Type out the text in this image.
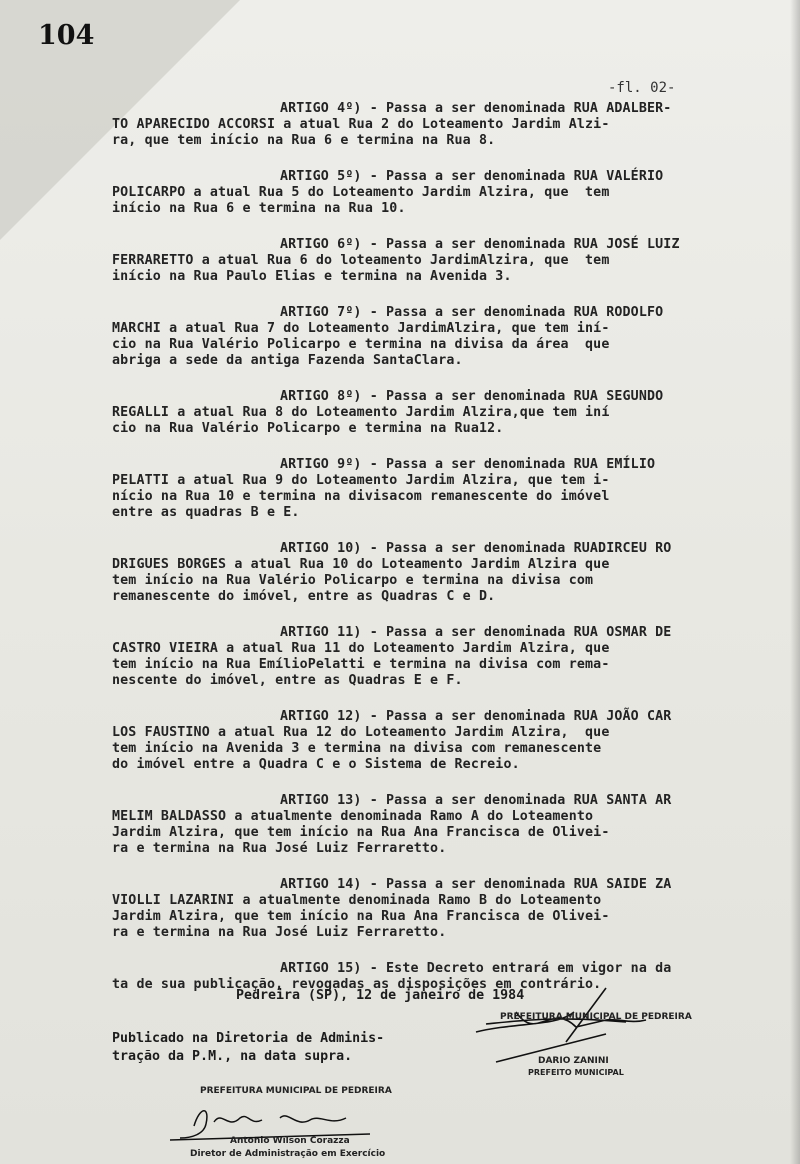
104
-fl. 02-
ARTIGO 4º) - Passa a ser denominada RUA ADALBER-
TO APARECIDO ACCORSI a atual Rua 2 do Loteamento Jardim Alzi-
ra, que tem início na Rua 6 e termina na Rua 8.
ARTIGO 5º) - Passa a ser denominada RUA VALÉRIO
POLICARPO a atual Rua 5 do Loteamento Jardim Alzira, que  tem
início na Rua 6 e termina na Rua 10.
ARTIGO 6º) - Passa a ser denominada RUA JOSÉ LUIZ
FERRARETTO a atual Rua 6 do loteamento JardimAlzira, que  tem
início na Rua Paulo Elias e termina na Avenida 3.
ARTIGO 7º) - Passa a ser denominada RUA RODOLFO
MARCHI a atual Rua 7 do Loteamento JardimAlzira, que tem iní-
cio na Rua Valério Policarpo e termina na divisa da área  que
abriga a sede da antiga Fazenda SantaClara.
ARTIGO 8º) - Passa a ser denominada RUA SEGUNDO
REGALLI a atual Rua 8 do Loteamento Jardim Alzira,que tem iní
cio na Rua Valério Policarpo e termina na Rua12.
ARTIGO 9º) - Passa a ser denominada RUA EMÍLIO
PELATTI a atual Rua 9 do Loteamento Jardim Alzira, que tem i-
nício na Rua 10 e termina na divisacom remanescente do imóvel
entre as quadras B e E.
ARTIGO 10) - Passa a ser denominada RUADIRCEU RO
DRIGUES BORGES a atual Rua 10 do Loteamento Jardim Alzira que
tem início na Rua Valério Policarpo e termina na divisa com
remanescente do imóvel, entre as Quadras C e D.
ARTIGO 11) - Passa a ser denominada RUA OSMAR DE
CASTRO VIEIRA a atual Rua 11 do Loteamento Jardim Alzira, que
tem início na Rua EmílioPelatti e termina na divisa com rema-
nescente do imóvel, entre as Quadras E e F.
ARTIGO 12) - Passa a ser denominada RUA JOÃO CAR
LOS FAUSTINO a atual Rua 12 do Loteamento Jardim Alzira,  que
tem início na Avenida 3 e termina na divisa com remanescente
do imóvel entre a Quadra C e o Sistema de Recreio.
ARTIGO 13) - Passa a ser denominada RUA SANTA AR
MELIM BALDASSO a atualmente denominada Ramo A do Loteamento
Jardim Alzira, que tem início na Rua Ana Francisca de Olivei-
ra e termina na Rua José Luiz Ferraretto.
ARTIGO 14) - Passa a ser denominada RUA SAIDE ZA
VIOLLI LAZARINI a atualmente denominada Ramo B do Loteamento
Jardim Alzira, que tem início na Rua Ana Francisca de Olivei-
ra e termina na Rua José Luiz Ferraretto.
ARTIGO 15) - Este Decreto entrará em vigor na da
ta de sua publicação, revogadas as disposições em contrário.
Pedreira (SP), 12 de janeiro de 1984
Publicado na Diretoria de Adminis-
tração da P.M., na data supra.
PREFEITURA MUNICIPAL DE PEDREIRA
DARIO ZANINI
PREFEITO MUNICIPAL
PREFEITURA MUNICIPAL DE PEDREIRA
Antonio Wilson Corazza
Diretor de Administração em Exercício
